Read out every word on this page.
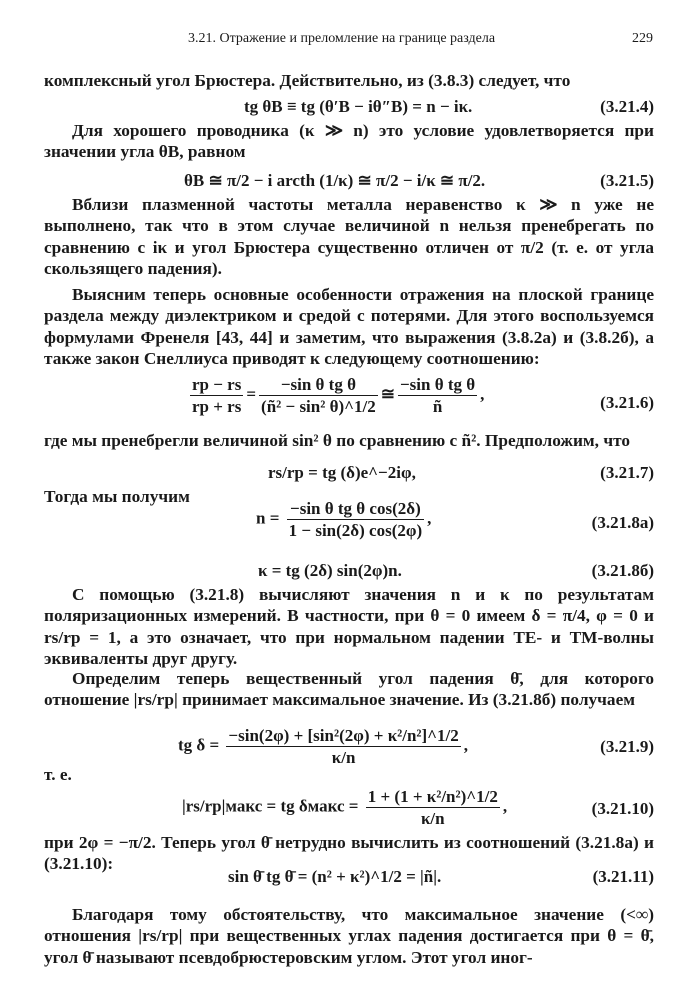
3.21. Отражение и преломление на границе раздела	229
комплексный угол Брюстера. Действительно, из (3.8.3) следует, что
tg θB ≡ tg (θ′B − iθ″B) = n − iκ.	(3.21.4)
Для хорошего проводника (κ ≫ n) это условие удовлетворяется при значении угла θB, равном
θB ≅ π/2 − i arcth (1/κ) ≅ π/2 − i/κ ≅ π/2.	(3.21.5)
Вблизи плазменной частоты металла неравенство κ ≫ n уже не выполнено, так что в этом случае величиной n нельзя пренебрегать по сравнению с iκ и угол Брюстера существенно отличен от π/2 (т. е. от угла скользящего падения).
Выясним теперь основные особенности отражения на плоской границе раздела между диэлектриком и средой с потерями. Для этого воспользуемся формулами Френеля [43, 44] и заметим, что выражения (3.8.2а) и (3.8.2б), а также закон Снеллиуса приводят к следующему соотношению:
$\frac{rp - rs}{rp + rs} = \frac{\text{−sin θ tg θ}}{\text{(ñ² − sin² θ)\textasciicircum{}1/2}}$ ≅ $\frac{\text{−sin θ tg θ}}{ñ}$ ,	(3.21.6)
где мы пренебрегли величиной sin² θ по сравнению с ñ². Предположим, что
rs/rp = tg (δ)e^−2iφ,	(3.21.7)
Тогда мы получим
$n = \frac{\text{−sin θ tg θ cos(2δ)}}{1 - \sin(2\delta) \cos(2\varphi)}$ ,	(3.21.8а)
κ = tg (2δ) sin(2φ)n.	(3.21.8б)
С помощью (3.21.8) вычисляют значения n и κ по результатам поляризационных измерений. В частности, при θ = 0 имеем δ = π/4, φ = 0 и rs/rp = 1, а это означает, что при нормальном падении TE- и TM-волны эквиваленты друг другу.
Определим теперь вещественный угол падения θ̄, для которого отношение |rs/rp| принимает максимальное значение. Из (3.21.8б) получаем
tg $\delta = \frac{\text{−sin(2φ) + [sin²(2φ) + κ²/n²]\textasciicircum{}1/2}}{\kappa/n}$ ,	(3.21.9)
т. е.
|rs/rp|макс = tg δмакс = $\frac{\text{1 + (1 + κ²/n²)\textasciicircum{}1/2}}{\kappa/n}$ ,	(3.21.10)
при 2φ = −π/2. Теперь угол θ̄ нетрудно вычислить из соотношений (3.21.8а) и (3.21.10):
sin θ̄ tg θ̄ = (n² + κ²)^1/2 = |ñ|.	(3.21.11)
Благодаря тому обстоятельству, что максимальное значение (<∞) отношения |rs/rp| при вещественных углах падения достигается при θ = θ̄, угол θ̄ называют псевдобрюстеровским углом. Этот угол иног-
